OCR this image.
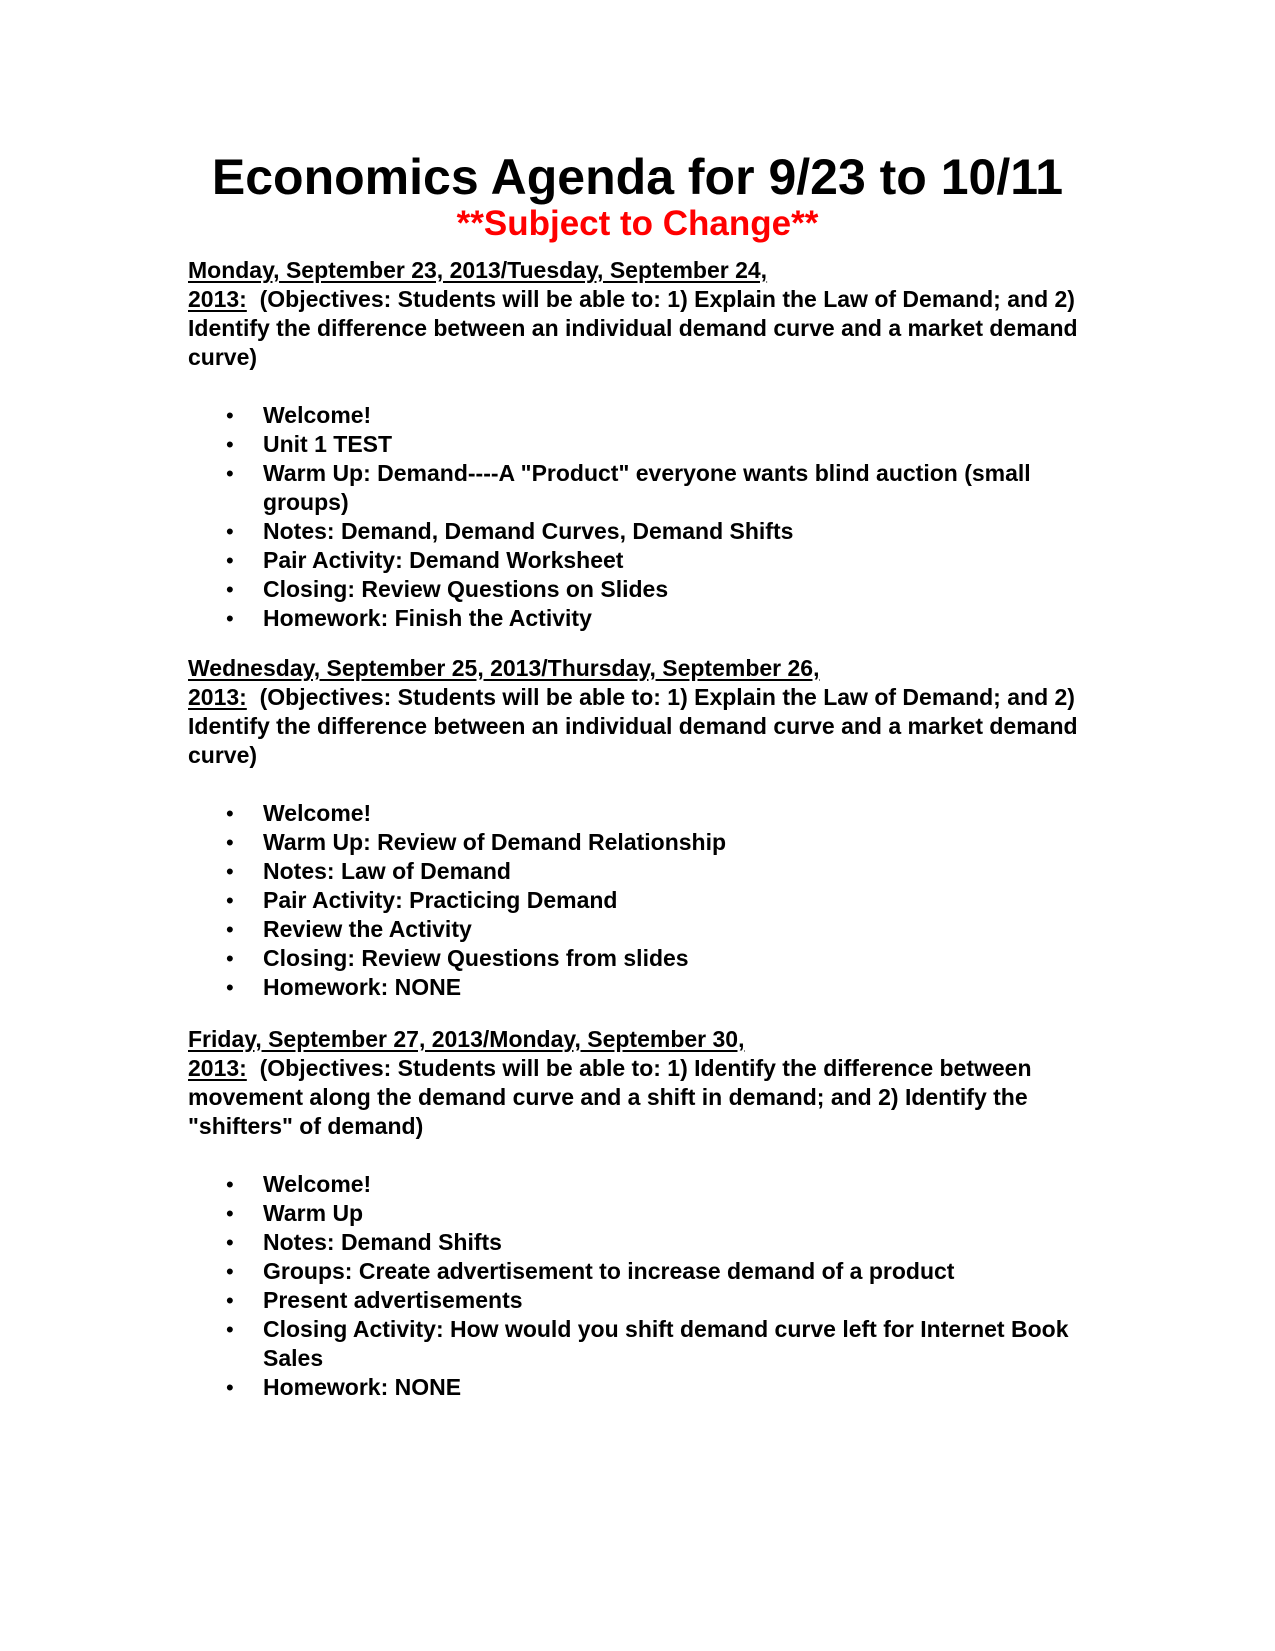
Economics Agenda for 9/23 to 10/11
**Subject to Change**

Monday, September 23, 2013/Tuesday, September 24,
2013: (Objectives: Students will be able to: 1) Explain the Law of Demand; and 2) Identify the difference between an individual demand curve and a market demand curve)

• Welcome!
• Unit 1 TEST
• Warm Up: Demand----A "Product" everyone wants blind auction (small groups)
• Notes: Demand, Demand Curves, Demand Shifts
• Pair Activity: Demand Worksheet
• Closing: Review Questions on Slides
• Homework: Finish the Activity

Wednesday, September 25, 2013/Thursday, September 26,
2013: (Objectives: Students will be able to: 1) Explain the Law of Demand; and 2) Identify the difference between an individual demand curve and a market demand curve)

• Welcome!
• Warm Up: Review of Demand Relationship
• Notes: Law of Demand
• Pair Activity: Practicing Demand
• Review the Activity
• Closing: Review Questions from slides
• Homework: NONE

Friday, September 27, 2013/Monday, September 30,
2013: (Objectives: Students will be able to: 1) Identify the difference between movement along the demand curve and a shift in demand; and 2) Identify the "shifters" of demand)

• Welcome!
• Warm Up
• Notes: Demand Shifts
• Groups: Create advertisement to increase demand of a product
• Present advertisements
• Closing Activity: How would you shift demand curve left for Internet Book Sales
• Homework: NONE
